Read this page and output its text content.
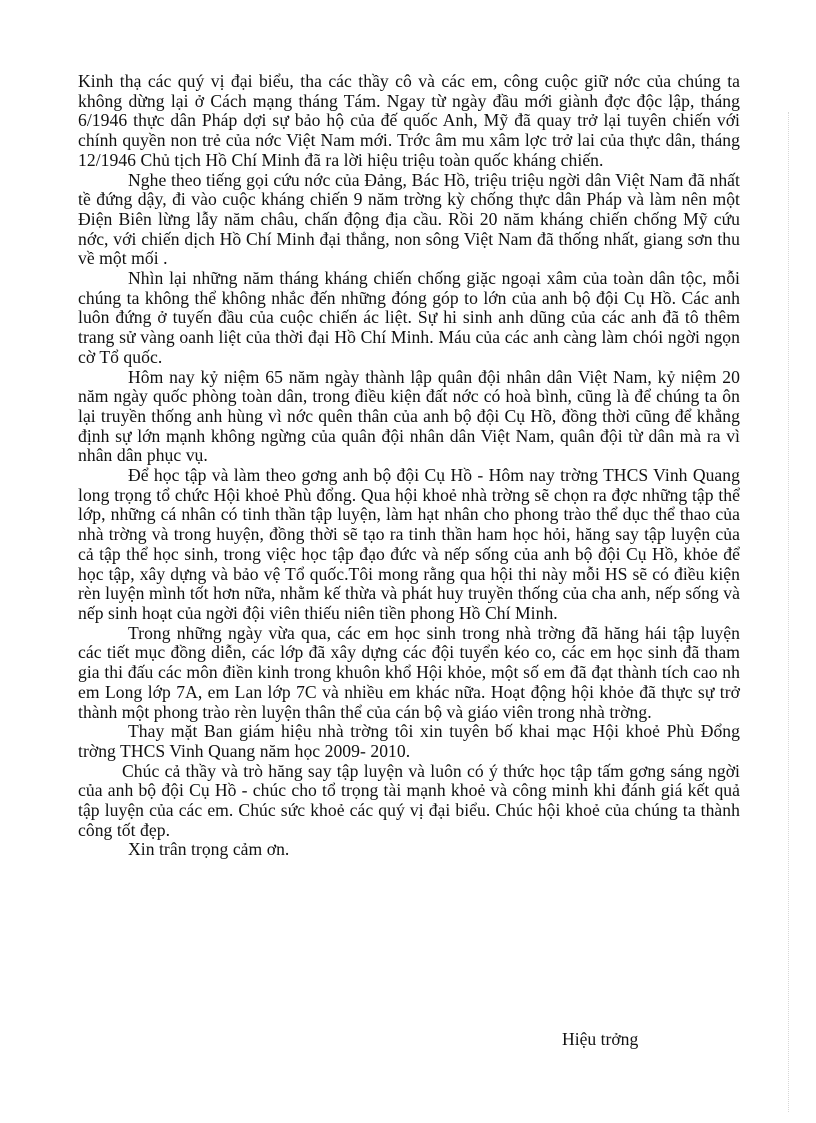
Kinh thạ các quý vị đại biểu, tha các thầy cô và các em, công cuộc giữ nớc của chúng ta không dừng lại ở Cách mạng tháng Tám. Ngay từ ngày đầu mới giành đợc độc lập, tháng 6/1946 thực dân Pháp dợi sự bảo hộ của đế quốc Anh, Mỹ đã quay trở lại tuyên chiến với chính quyền non trẻ của nớc Việt Nam mới. Trớc âm mu xâm lợc trở lai của thực dân, tháng 12/1946 Chủ tịch Hồ Chí Minh đã ra lời hiệu triệu toàn quốc kháng chiến.

Nghe theo tiếng gọi cứu nớc của Đảng, Bác Hồ, triệu triệu ngời dân Việt Nam đã nhất tề đứng dậy, đi vào cuộc kháng chiến 9 năm trờng kỳ chống thực dân Pháp và làm nên một Điện Biên lừng lẫy năm châu, chấn động địa cầu. Rồi 20 năm kháng chiến chống Mỹ cứu nớc, với chiến dịch Hồ Chí Minh đại thắng, non sông Việt Nam đã thống nhất, giang sơn thu về một mối .

Nhìn lại những năm tháng kháng chiến chống giặc ngoại xâm của toàn dân tộc, mỗi chúng ta không thể không nhắc đến những đóng góp to lớn của anh bộ đội Cụ Hồ. Các anh luôn đứng ở tuyến đầu của cuộc chiến ác liệt. Sự hi sinh anh dũng của các anh đã tô thêm trang sử vàng oanh liệt của thời đại Hồ Chí Minh. Máu của các anh càng làm chói ngời ngọn cờ Tổ quốc.

Hôm nay kỷ niệm 65 năm ngày thành lập quân đội nhân dân Việt Nam, kỷ niệm 20 năm ngày quốc phòng toàn dân, trong điều kiện đất nớc có hoà bình, cũng là để chúng ta ôn lại truyền thống anh hùng vì nớc quên thân của anh bộ đội Cụ Hồ, đồng thời cũng để khẳng định sự lớn mạnh không ngừng của quân đội nhân dân Việt Nam, quân đội từ dân mà ra vì nhân dân phục vụ.

Để học tập và làm theo gơng anh bộ đội Cụ Hồ - Hôm nay trờng THCS Vinh Quang long trọng tổ chức Hội khoẻ Phù đổng. Qua hội khoẻ nhà trờng sẽ chọn ra đợc những tập thể lớp, những cá nhân có tinh thần tập luyện, làm hạt nhân cho phong trào thể dục thể thao của nhà trờng và trong huyện, đồng thời sẽ tạo ra tinh thần ham học hỏi, hăng say tập luyện của cả tập thể học sinh, trong việc học tập đạo đức và nếp sống của anh bộ đội Cụ Hồ, khỏe để học tập, xây dựng và bảo vệ Tổ quốc.Tôi mong rằng qua hội thi này mỗi HS sẽ có điều kiện rèn luyện mình tốt hơn nữa, nhằm kế thừa và phát huy truyền thống của cha anh, nếp sống và nếp sinh hoạt của ngời đội viên thiếu niên tiền phong Hồ Chí Minh.

Trong những ngày vừa qua, các em học sinh trong nhà trờng đã hăng hái tập luyện các tiết mục đồng diễn, các lớp đã xây dựng các đội tuyển kéo co, các em học sinh đã tham gia thi đấu các môn điền kinh trong khuôn khổ Hội khỏe, một số em đã đạt thành tích cao nh em Long lớp 7A, em Lan lớp 7C và nhiều em khác nữa. Hoạt động hội khỏe đã thực sự trở thành một phong trào rèn luyện thân thể của cán bộ và giáo viên trong nhà trờng.

Thay mặt Ban giám hiệu nhà trờng tôi xin tuyên bố khai mạc Hội khoẻ Phù Đổng trờng THCS Vinh Quang năm học 2009- 2010.

Chúc cả thầy và trò hăng say tập luyện và luôn có ý thức học tập tấm gơng sáng ngời của anh bộ đội Cụ Hồ - chúc cho tổ trọng tài mạnh khoẻ và công minh khi đánh giá kết quả tập luyện của các em. Chúc sức khoẻ các quý vị đại biểu. Chúc hội khoẻ của chúng ta thành công tốt đẹp.

Xin trân trọng cảm ơn.

Hiệu trởng
